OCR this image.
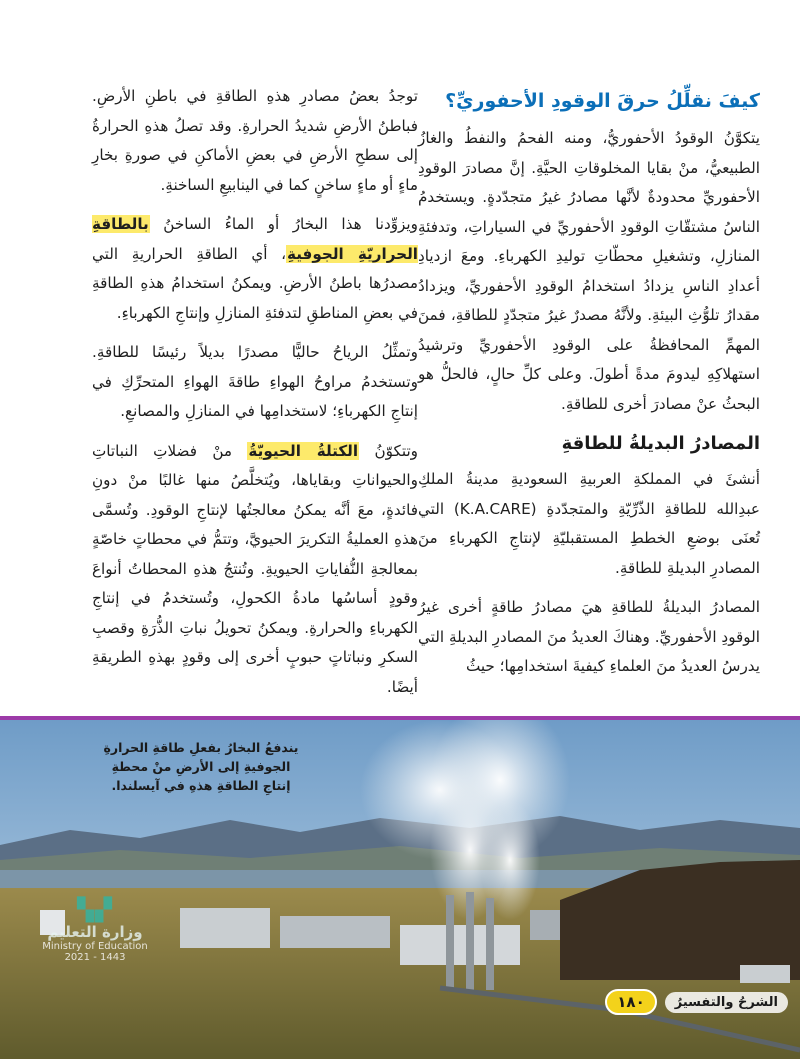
كيفَ نقلِّلُ حرقَ الوقودِ الأحفوريِّ؟

يتكوَّنُ الوقودُ الأحفوريُّ، ومنه الفحمُ والنفطُ والغازُ الطبيعيُّ، منْ بقايا المخلوقاتِ الحيَّةِ. إنَّ مصادرَ الوقودِ الأحفوريِّ محدودةٌ لأنَّها مصادرُ غيرُ متجدّدةٍ. ويستخدمُ الناسُ مشتقّاتِ الوقودِ الأحفوريِّ في السياراتِ، وتدفئةِ المنازلِ، وتشغيلِ محطّاتِ توليدِ الكهرباءِ. ومعَ ازديادِ أعدادِ الناسِ يزدادُ استخدامُ الوقودِ الأحفوريِّ، ويزدادُ مقدارُ تلوُّثِ البيئةِ. ولأنَّهُ مصدرٌ غيرُ متجدّدٍ للطاقةِ، فمنَ المهمِّ المحافظةُ على الوقودِ الأحفوريِّ وترشيدُ استهلاكِهِ ليدومَ مدةً أطولَ. وعلى كلِّ حالٍ، فالحلُّ هو البحثُ عنْ مصادرَ أخرى للطاقةِ.

المصادرُ البديلةُ للطاقةِ

أنشئَ في المملكةِ العربيةِ السعوديةِ مدينةُ الملكِ عبدِالله للطاقةِ الذّرِّيّةِ والمتجدّدةِ (K.A.CARE) التي تُعنَى بوضعِ الخططِ المستقبليّةِ لإنتاجِ الكهرباءِ منَ المصادرِ البديلةِ للطاقةِ.

المصادرُ البديلةُ للطاقةِ هيَ مصادرُ طاقةٍ أخرى غيرُ الوقودِ الأحفوريِّ. وهناكَ العديدُ منَ المصادرِ البديلةِ التي يدرسُ العديدُ منَ العلماءِ كيفيةَ استخدامِها؛ حيثُ

توجدُ بعضُ مصادرِ هذهِ الطاقةِ في باطنِ الأرضِ. فباطنُ الأرضِ شديدُ الحرارةِ. وقد تصلُ هذهِ الحرارةُ إلى سطحِ الأرضِ في بعضِ الأماكنِ في صورةِ بخارِ ماءٍ أو ماءٍ ساخنٍ كما في الينابيعِ الساخنةِ.

ويزوِّدنا هذا البخارُ أو الماءُ الساخنُ بالطاقةِ الحراريّةِ الجوفيةِ، أي الطاقةِ الحراريةِ التي مصدرُها باطنُ الأرضِ. ويمكنُ استخدامُ هذهِ الطاقةِ في بعضِ المناطقِ لتدفئةِ المنازلِ وإنتاجِ الكهرباءِ.

وتمثِّلُ الرياحُ حاليًّا مصدرًا بديلاً رئيسًا للطاقةِ. وتستخدمُ مراوحُ الهواءِ طاقةَ الهواءِ المتحرِّكِ في إنتاجِ الكهرباءِ؛ لاستخدامِها في المنازلِ والمصانعِ.

وتتكوّنُ الكتلةُ الحيويّةُ منْ فضلاتِ النباتاتِ والحيواناتِ وبقاياها، ويُتخلَّصُ منها غالبًا منْ دونِ فائدةٍ، معَ أنَّه يمكنُ معالجتُها لإنتاجِ الوقودِ. وتُسمَّى هذهِ العمليةُ التكريرَ الحيويَّ، وتتمُّ في محطاتٍ خاصّةٍ بمعالجةِ النُّفاياتِ الحيويةِ. وتُنتجُ هذهِ المحطاتُ أنواعَ وقودٍ أساسُها مادةُ الكحولِ، وتُستخدمُ في إنتاجِ الكهرباءِ والحرارةِ. ويمكنُ تحويلُ نباتِ الذُّرَةِ وقصبِ السكرِ ونباتاتٍ حبوبٍ أخرى إلى وقودٍ بهذهِ الطريقةِ أيضًا.

يندفعُ البخارُ بفعلِ طاقةِ الحرارةِ الجوفيةِ إلى الأرضِ منْ محطةِ إنتاجِ الطاقةِ هذهِ في آيسلندا.
▚▞
وزارة التعليم
Ministry of Education
2021 - 1443
الشرحُ والتفسيرُ
١٨٠
